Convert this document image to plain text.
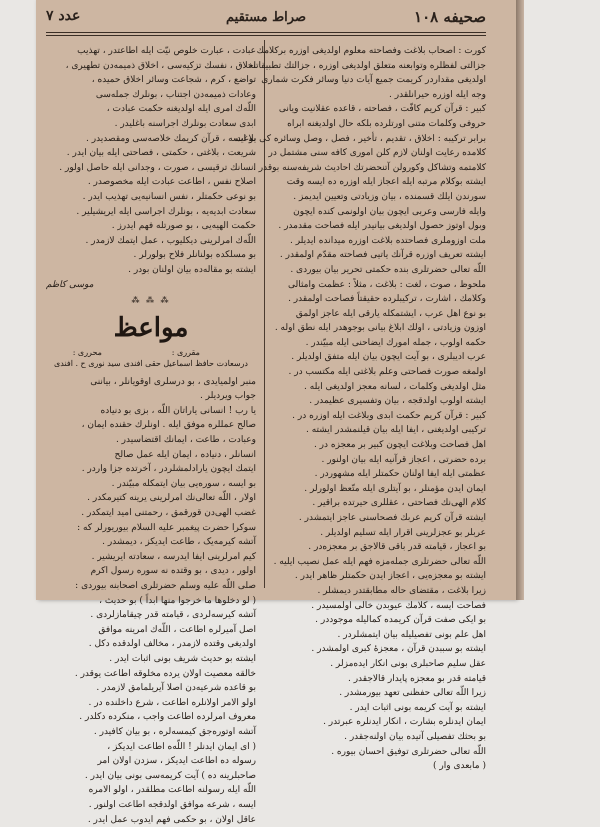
صحیفه ۱۰۸
صراط مستقیم
عدد ۷

کورت : اصحاب بلاغت وفصاحته معلوم اولدیغی اوزره برکلامك

جزالتی لفظلره وتوابعنه متعلق اولدیغی اوزره ، جزالتك تطبیقاتنه

اولدیغی مقداردر کریمت جمیع آیات دنیا وسائر فکرت شماری

وجه ایله اوزره حیرانلقدر .

کبیر : قرآن کریم کافّت ، فصاحته ، قاعده عقلانیت ویانی

حروفی وکلمات متنی اورتلرده بلکه حال اولدیغنه ابراه

برابر ترکیبه : اخلاق ، تقدیم ، تأخیر ، فصل ، وصل وسائره کی بلاغت

کلامده رعایت اولنان لازم کلن اموری کافه سنی مشتمل در

کلامتمه وتشاکل وکورولن آتنحضرتك احادیث شریفه‌سنه بوقدر .

ایشته بوکلام مرتبه ایله اعجاز ایله اوزره ده ایسه وقت

سورندن ایلك قسمنده ، بیان وزیادتی وتعیین ایدیمز .

وایله فارسی وعربی ایچون بیان اولونمی کنده ایچون

وبول اوتوز حصول اولدیغی بیانیدر ایله فصاحت مقدمدر .

ملت اوزوملری فصاحتده بلاغت اوزره میدانده ایدیلر .

ایشته تعریف اوزره قرآنك یاتیی فصاحته مقدّم اولمقدر .

اللّه تعالی حضرتلری بنده حکمتی تحریر بیان بیوردی .

ملحوظ ، صوت ، لغت : بلاغت ، مثلاً : عظمت وامثالی

وکلامك ، اشارت ، ترکیبلرده حقیقتاً فصاحت اولمقدر .

بو نوع اهل عرب ، ایشتمکله یارقی ایله عاجز اولمق

اوزون وزیادتی ، اولك ابلاغ بیانی بوجوهدر ایله نطق اوله .

حکمه اولوب ، جمله امورك ایضاحنی ایله مبیّندر .

عرب ادیبلری ، بو آیت ایچون بیان ایله متفق اولدیلر .

اولمغه صورت فصاحتی وعلم بلاغتی ایله مکتسب در .

مثل اولدیغی وکلمات ، لسانه معجز اولدیغی ایله .

ایشته اولوب اولدقجه ، بیان وتفسیری عظیمدر .

کبیر : قرآن کریم حکمت ابدی وبلاغت ایله اوزره در .

ترکیبی اولدیغنی ، ایفا ایله بیان قیلنمشدر ایشته .

اهل فصاحت وبلاغت ایچون کبیر بر معجزه در .

برده حضرتی ، اعجاز قرآنیه ایله بیان اولنور .

عظمتی ایله ایفا اولنان حکمتلر ایله مشهوردر .

ایمان ایدن مؤمنلر ، بو آیتلری ایله متّعظ اولورلر .

کلام الهی‌نك فصاحتی ، عقللری حیرتده براقیر .

ایشته قرآن کریم عربك فصحاسنی عاجز ایتمشدر .

عربلر بو عجزلرینی اقرار ایله تسلیم اولدیلر .

بو اعجاز ، قیامته قدر باقی قالاجق بر معجزه‌در .

اللّه تعالی حضرتلری جمله‌مزه فهم ایله عمل نصیب ایلیه .

ایشته بو معجزه‌یی ، اعجاز ایدن حکمتلر ظاهر ایدر .

زیرا بلاغت ، مقتضای حاله مطابقتدر دیمشلر .

فصاحت ایسه ، کلامك عیوبدن خالی اولمسیدر .

بو ایکی صفت قرآن کریمده کمالیله موجوددر .

اهل علم بونی تفصیلیله بیان ایتمشلردر .

ایشته بو سببدن قرآن ، معجزۀ کبری اولمشدر .

عقل سلیم صاحبلری بونی انکار ایده‌مزلر .

قیامته قدر بو معجزه پایدار قالاجقدر .

زیرا اللّه تعالی حفظنی تعهد بیورمشدر .

ایشته بو آیت کریمه بونی اثبات ایدر .

ایمان ایدنلره بشارت ، انکار ایدنلره عبرتدر .

بو بحثك تفصیلی آتیده بیان اولنه‌جقدر .

اللّه تعالی حضرتلری توفیق احسان بیوره .

( مابعدی وار )

عبادت ، عبارت خلوص نیّت ایله اطاعتدر ، تهذیب

اخلاق ، نفسك تزکیه‌سی ، اخلاق ذمیمه‌دن تطهیری ،

تواضع ، کرم ، شجاعت وسائر اخلاق حمیده ،

وعادات ذمیمه‌دن اجتناب ، بونلرك جمله‌سی

اللّه‌ك امری ایله اولدیغنه حکمت عبادت ،

ابدی سعادت بونلرك اجراسنه باغلیدر .

بو ایسه ، قرآن کریمك خلاصه‌سی ومقصدیدر .

شریعت ، بلاغتی ، حکمتی ، فصاحتی ایله بیان ایدر .

انسانك ترقیسی ، صورت ، وجدانی ایله حاصل اولور .

اصلاح نفس ، اطاعت عبادت ایله مخصوصدر .

بو نوعی حکمتلر ، نفس انسانیه‌یی تهذیب ایدر .

سعادت ابدیه‌یه ، بونلرك اجراسی ایله ایریشیلیر .

حکمت الهیه‌یی ، بو صورتله فهم ایدرز .

اللّه‌ك امرلرینی دیکلیوب ، عمل ایتمك لازمدر .

بو مسلکده بولنانلر فلاح بولورلر .

ایشته بو مقاله‌ده بیان اولنان بودر .

موسی کاظم

⁂ ⁂ ⁂
مواعظ
مقرری :
درسعادت حافظ اسماعیل حقی افندی
محرری :
سید نوری ح . افندی

منبر اولمیایدی ، بو درسلری اوقویانلر ، بیاننی

جواب ویردیلر .

یا رب ! انسانی یاراتان اللّه ، بزی بو دنیاده

صالح عمللره موفق ایله . اونلرك حقنده ایمان ،

وعبادت ، طاعت ، ایمانك اقتضاسیدر .

انسانلر ، دنیاده ، ایمان ایله عمل صالح

ایتمك ایچون یارادلمشلردر ، آخرتده جزا واردر .

بو ایسه ، سوره‌یی بیان ایتمکله مبیّندر .

اولار ، اللّه تعالی‌نك امرلرینی یرینه کتیرمکدر .

غضب الهی‌دن قورقمق ، رحمتنی امید ایتمکدر .

سوکرا حضرت پیغمبر علیه السلام بیوریورلر که :

آتشه کیرمه‌یک ، طاعت ایدیکز ، دیمشدر .

کیم امرلرینی ایفا ایدرسه ، سعادته ایریشیر .

اولور ، دیدی ، بو وقتده نه سوره رسول اکرم

صلی اللّه علیه وسلم حضرتلری اصحابنه بیوردی :

( لو دخلوها ما خرجوا منها ابداً ) بو حدیث ،

آتشه کیرسه‌لردی ، قیامته قدر چیقامازلردی .

اصل آمیرلره اطاعت ، اللّه‌ك امرینه موافق

اولدیغی وقتده لازمدر ، مخالف اولدقده دکل .

ایشته بو حدیث شریف بونی اثبات ایدر .

خالقه معصیت اولان یرده مخلوقه اطاعت یوقدر .

بو قاعده شرعیه‌دن اصلا آیریلمامق لازمدر .

اولو الامر اولانلره اطاعت ، شرع داخلنده در .

معروف امرلرده اطاعت واجب ، منکرده دکلدر .

آتشه اوتوره‌جق کیمسه‌لره ، بو بیان کافیدر .

( ای ایمان ایدنلر ! اللّه‌ه اطاعت ایدیکز ،

رسوله ده اطاعت ایدیکز ، سزدن اولان امر

صاحبلرینه ده ) آیت کریمه‌سی بونی بیان ایدر .

اللّه ایله رسولنه اطاعت مطلقدر ، اولو الامره

ایسه ، شرعه موافق اولدقجه اطاعت اولنور .

عاقل اولان ، بو حکمی فهم ایدوب عمل ایدر .
